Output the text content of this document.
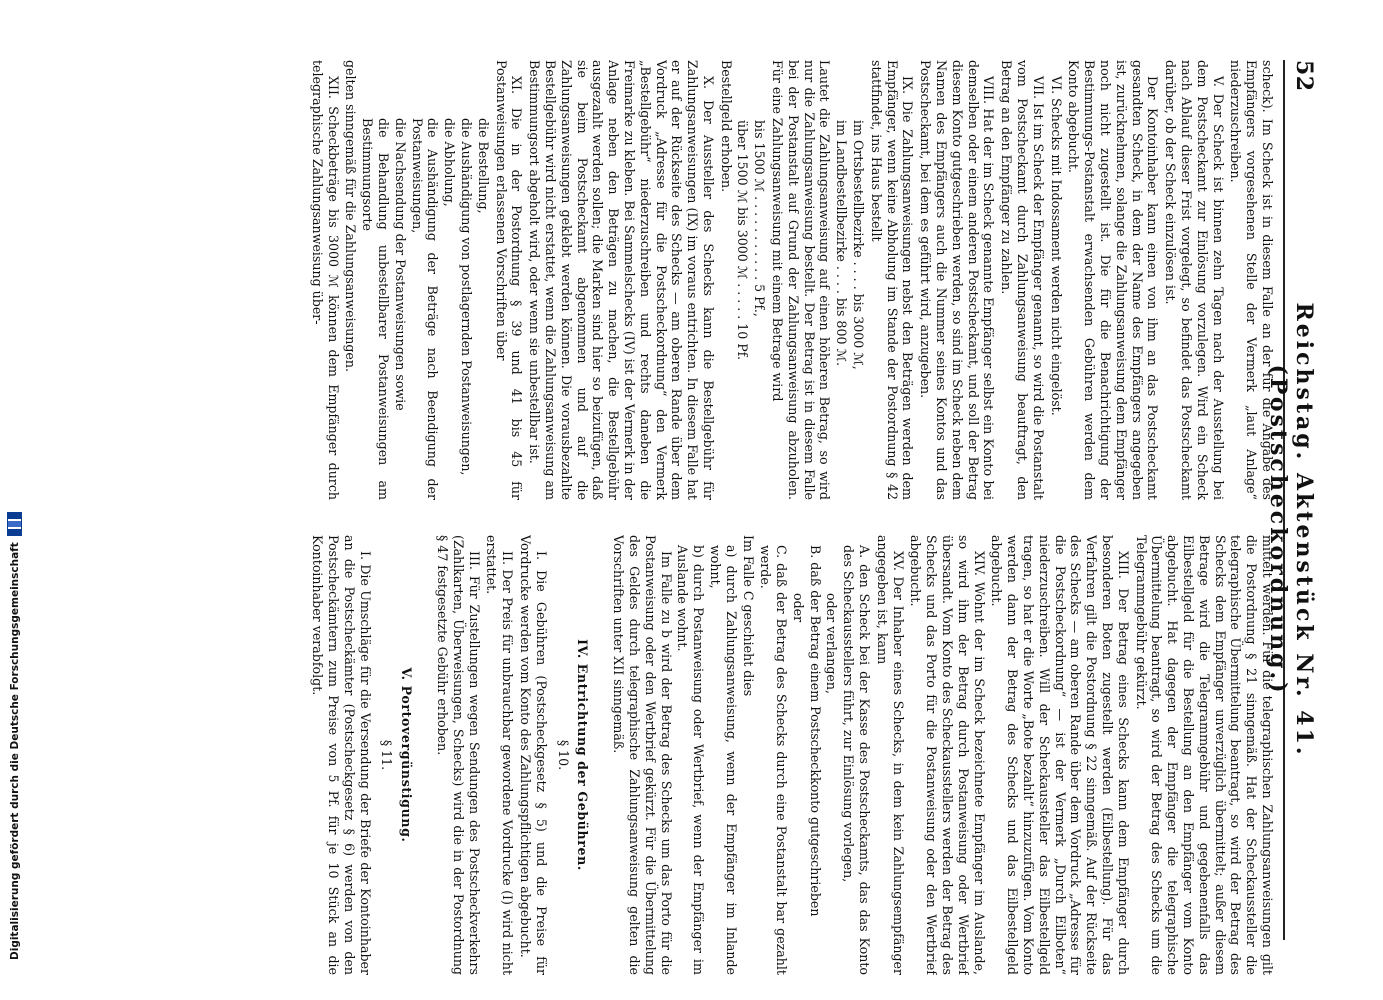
52
Reichstag. Aktenstück Nr. 41. (Postscheckordnung.)

scheck). Im Scheck ist in diesem Falle an der für die Angabe des Empfängers vorgesehenen Stelle der Vermerk „laut Anlage“ niederzuschreiben.

V. Der Scheck ist binnen zehn Tagen nach der Ausstellung bei dem Postscheckamt zur Einlösung vorzulegen. Wird ein Scheck nach Ablauf dieser Frist vorgelegt, so befindet das Postscheckamt darüber, ob der Scheck einzulösen ist.

Der Kontoinhaber kann einen von ihm an das Postscheckamt gesandten Scheck, in dem der Name des Empfängers angegeben ist, zurücknehmen, solange die Zahlungsanweisung dem Empfänger noch nicht zugestellt ist. Die für die Benachrichtigung der Bestimmungs-Postanstalt erwachsenden Gebühren werden dem Konto abgebucht.

VI. Schecks mit Indossament werden nicht eingelöst.

VII. Ist im Scheck der Empfänger genannt, so wird die Postanstalt vom Postscheckamt durch Zahlungsanweisung beauftragt, den Betrag an den Empfänger zu zahlen.

VIII. Hat der im Scheck genannte Empfänger selbst ein Konto bei demselben oder einem anderen Postscheckamt, und soll der Betrag diesem Konto gutgeschrieben werden, so sind im Scheck neben dem Namen des Empfängers auch die Nummer seines Kontos und das Postscheckamt, bei dem es geführt wird, anzugeben.

IX. Die Zahlungsanweisungen nebst den Beträgen werden dem Empfänger, wenn keine Abholung im Stande der Postordnung § 42 stattfindet, ins Haus bestellt

im Ortsbestellbezirke . . . . bis 3000 ℳ,

im Landbestellbezirke . . . . bis 800 ℳ.

Lautet die Zahlungsanweisung auf einen höheren Betrag, so wird nur die Zahlungsanweisung bestellt. Der Betrag ist in diesem Falle bei der Postanstalt auf Grund der Zahlungsanweisung abzuholen. Für eine Zahlungsanweisung mit einem Betrage wird

bis 1500 ℳ . . . . . . . . . . . 5 Pf.,

über 1500 ℳ bis 3000 ℳ . . . . . 10 Pf.

Bestellgeld erhoben.

X. Der Aussteller des Schecks kann die Bestellgebühr für Zahlungsanweisungen (IX) im voraus entrichten. In diesem Falle hat er auf der Rückseite des Schecks — am oberen Rande über dem Vordruck „Adresse für die Postscheckordnung“ den Vermerk „Bestellgebühr“ niederzuschreiben und rechts daneben die Freimarke zu kleben. Bei Sammelschecks (IV) ist der Vermerk in der Anlage neben den Beträgen zu machen, die Bestellgebühr ausgezahlt werden sollen; die Marken sind hier so beizufügen, daß sie beim Postscheckamt abgenommen und auf die Zahlungsanweisungen geklebt werden können. Die vorausbezahlte Bestellgebühr wird nicht erstattet, wenn die Zahlungsanweisung am Bestimmungsort abgeholt wird, oder wenn sie unbestellbar ist.

XI. Die in der Postordnung § 39 und 41 bis 45 für Postanweisungen erlassenen Vorschriften über

die Bestellung,

die Aushändigung von postlagernden Postanweisungen,

die Abholung,

die Aushändigung der Beträge nach Beendigung der Postanweisungen,

die Nachsendung der Postanweisungen sowie

die Behandlung unbestellbarer Postanweisungen am Bestimmungsorte

gelten sinngemäß für die Zahlungsanweisungen.

XII. Scheckbeträge bis 3000 ℳ können dem Empfänger durch telegraphische Zahlungsanweisung über-

mittelt werden. Für die telegraphischen Zahlungsanweisungen gilt die Postordnung § 21 sinngemäß. Hat der Scheckaussteller die telegraphische Übermittelung beantragt, so wird der Betrag des Schecks dem Empfänger unverzüglich übermittelt; außer diesem Betrage wird die Telegrammgebühr und gegebenenfalls das Eilbestellgeld für die Bestellung an den Empfänger vom Konto abgebucht. Hat dagegen der Empfänger die telegraphische Übermittelung beantragt, so wird der Betrag des Schecks um die Telegrammgebühr gekürzt.

XIII. Der Betrag eines Schecks kann dem Empfänger durch besonderen Boten zugestellt werden (Eilbestellung). Für das Verfahren gilt die Postordnung § 22 sinngemäß. Auf der Rückseite des Schecks — am oberen Rande über dem Vordruck „Adresse für die Postscheckordnung“ — ist der Vermerk „Durch Eilboten“ niederzuschreiben. Will der Scheckaussteller das Eilbestellgeld tragen, so hat er die Worte „Bote bezahlt“ hinzuzufügen. Vom Konto werden dann der Betrag des Schecks und das Eilbestellgeld abgebucht.

XIV. Wohnt der im Scheck bezeichnete Empfänger im Auslande, so wird ihm der Betrag durch Postanweisung oder Wertbrief übersandt. Vom Konto des Scheckausstellers werden der Betrag des Schecks und das Porto für die Postanweisung oder den Wertbrief abgebucht.

XV. Der Inhaber eines Schecks, in dem kein Zahlungsempfänger angegeben ist, kann

A. den Scheck bei der Kasse des Postscheckamts, das das Konto des Scheckausstellers führt, zur Einlösung vorlegen,

oder verlangen,

B. daß der Betrag einem Postscheckkonto gutgeschrieben

oder

C. daß der Betrag des Schecks durch eine Postanstalt bar gezahlt werde.

Im Falle C geschieht dies

a) durch Zahlungsanweisung, wenn der Empfänger im Inlande wohnt,

b) durch Postanweisung oder Wertbrief, wenn der Empfänger im Auslande wohnt.

Im Falle zu b wird der Betrag des Schecks um das Porto für die Postanweisung oder den Wertbrief gekürzt. Für die Übermittelung des Geldes durch telegraphische Zahlungsanweisung gelten die Vorschriften unter XII sinngemäß.

IV. Entrichtung der Gebühren.

§ 10.

I. Die Gebühren (Postscheckgesetz § 5) und die Preise für Vordrucke werden vom Konto des Zahlungspflichtigen abgebucht.

II. Der Preis für unbrauchbar gewordene Vordrucke (I) wird nicht erstattet.

III. Für Zustellungen wegen Sendungen des Postscheckverkehrs (Zahlkarten, Überweisungen, Schecks) wird die in der Postordnung § 47 festgesetzte Gebühr erhoben.

V. Portovergünstigung.

§ 11.

I. Die Umschläge für die Versendung der Briefe der Kontoinhaber an die Postscheckämter (Postscheckgesetz § 6) werden von den Postscheckämtern zum Preise von 5 Pf. für je 10 Stück an die Kontoinhaber verabfolgt.

Digitalisierung gefördert durch die Deutsche Forschungsgemeinschaft
